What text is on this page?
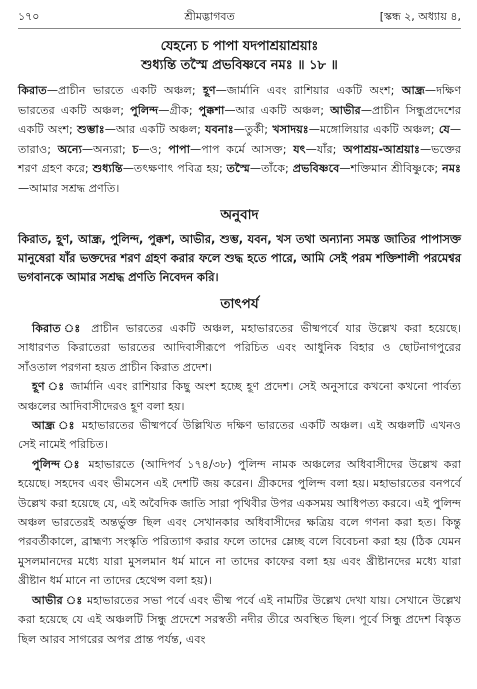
১৭০	শ্রীমদ্ভাগবত	[স্কন্ধ ২, অধ্যায় ৪,
যেহন্যে চ পাপা যদপাশ্রয়াশ্রয়াঃ
শুধ্যন্তি তস্মৈ প্রভবিষ্ণবে নমঃ ॥ ১৮ ॥
কিরাত—প্রাচীন ভারতে একটি অঞ্চল; হূণ—জার্মানি এবং রাশিয়ার একটি অংশ; আন্ধ্র—দক্ষিণ ভারতের একটি অঞ্চল; পুলিন্দ—গ্রীক; পুক্কশা—আর একটি অঞ্চল; আভীর—প্রাচীন সিন্ধুপ্রদেশের একটি অংশ; শুম্ভাঃ—আর একটি অঞ্চল; যবনাঃ—তুর্কী; খসাদয়ঃ—মঙ্গোলিয়ার একটি অঞ্চল; যে—তারাও; অন্যে—অন্যরা; চ—ও; পাপা—পাপ কর্মে আসক্ত; যৎ—যাঁর; অপাশ্রয়-আশ্রয়াঃ—ভক্তের শরণ গ্রহণ করে; শুধ্যন্তি—তৎক্ষণাৎ পবিত্র হয়; তস্মৈ—তাঁকে; প্রভবিষ্ণবে—শক্তিমান শ্রীবিষ্ণুকে; নমঃ—আমার সশ্রদ্ধ প্রণতি।
অনুবাদ
কিরাত, হূণ, আন্ধ্র, পুলিন্দ, পুক্কশ, আভীর, শুম্ভ, যবন, খস তথা অন্যান্য সমস্ত জাতির পাপাসক্ত মানুষেরা যাঁর ভক্তদের শরণ গ্রহণ করার ফলে শুদ্ধ হতে পারে, আমি সেই পরম শক্তিশালী পরমেশ্বর ভগবানকে আমার সশ্রদ্ধ প্রণতি নিবেদন করি।
তাৎপর্য

কিরাত ঃ প্রাচীন ভারতের একটি অঞ্চল, মহাভারতের ভীষ্মপর্বে যার উল্লেখ করা হয়েছে। সাধারণত কিরাতেরা ভারতের আদিবাসীরূপে পরিচিত এবং আধুনিক বিহার ও ছোটনাগপুরের সাঁওতাল পরগনা হয়ত প্রাচীন কিরাত প্রদেশ।

হূণ ঃ জার্মানি এবং রাশিয়ার কিছু অংশ হচ্ছে হূণ প্রদেশ। সেই অনুসারে কখনো কখনো পার্বত্য অঞ্চলের আদিবাসীদেরও হূণ বলা হয়।

আন্ধ্র ঃ মহাভারতের ভীষ্মপর্বে উল্লিখিত দক্ষিণ ভারতের একটি অঞ্চল। এই অঞ্চলটি এখনও সেই নামেই পরিচিত।

পুলিন্দ ঃ মহাভারতে (আদিপর্ব ১৭৪/৩৮) পুলিন্দ নামক অঞ্চলের অধিবাসীদের উল্লেখ করা হয়েছে। সহদেব এবং ভীমসেন এই দেশটি জয় করেন। গ্রীকদের পুলিন্দ বলা হয়। মহাভারতের বনপর্বে উল্লেখ করা হয়েছে যে, এই অবৈদিক জাতি সারা পৃথিবীর উপর একসময় আধিপত্য করবে। এই পুলিন্দ অঞ্চল ভারতেরই অন্তর্ভুক্ত ছিল এবং সেখানকার অধিবাসীদের ক্ষত্রিয় বলে গণনা করা হত। কিন্তু পরবর্তীকালে, ব্রাহ্মণ্য সংস্কৃতি পরিত্যাগ করার ফলে তাদের ম্লেচ্ছ বলে বিবেচনা করা হয় (ঠিক যেমন মুসলমানদের মধ্যে যারা মুসলমান ধর্ম মানে না তাদের কাফের বলা হয় এবং খ্রীষ্টানদের মধ্যে যারা খ্রীষ্টান ধর্ম মানে না তাদের হেথেন্স বলা হয়)।

আভীর ঃ মহাভারতের সভা পর্বে এবং ভীষ্ম পর্বে এই নামটির উল্লেখ দেখা যায়। সেখানে উল্লেখ করা হয়েছে যে এই অঞ্চলটি সিন্ধু প্রদেশে সরস্বতী নদীর তীরে অবস্থিত ছিল। পূর্বে সিন্ধু প্রদেশ বিস্তৃত ছিল আরব সাগরের অপর প্রান্ত পর্যন্ত, এবং
